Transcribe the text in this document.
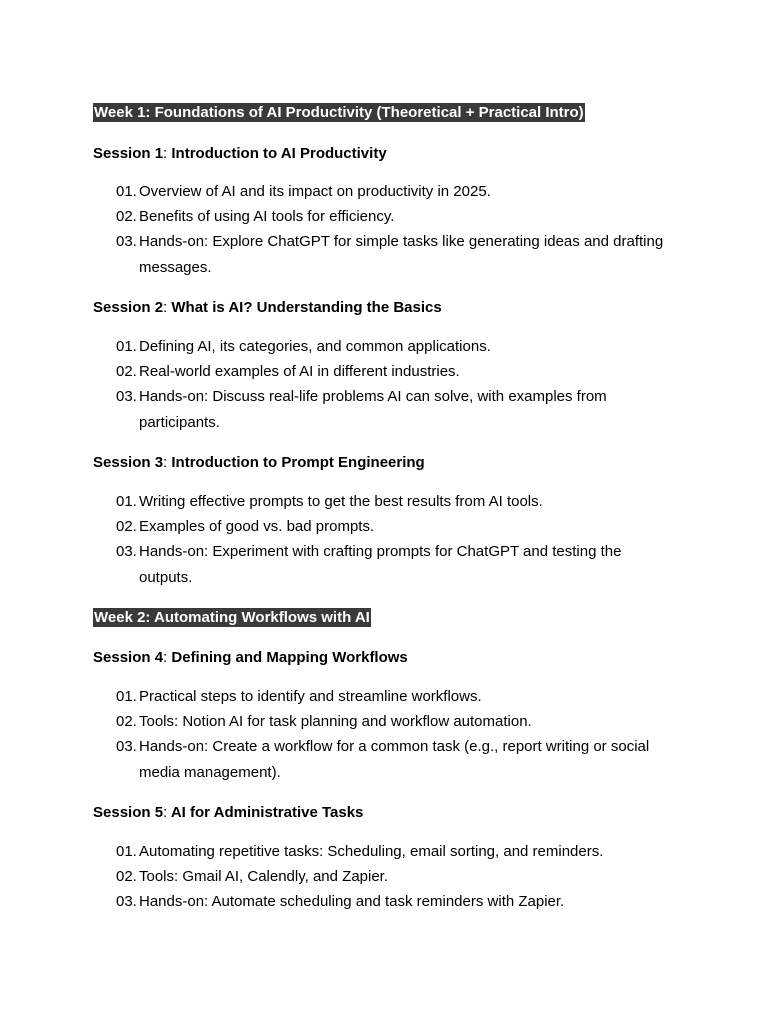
Week 1: Foundations of AI Productivity (Theoretical + Practical Intro)
Session 1: Introduction to AI Productivity
01. Overview of AI and its impact on productivity in 2025.
02. Benefits of using AI tools for efficiency.
03. Hands-on: Explore ChatGPT for simple tasks like generating ideas and drafting messages.
Session 2: What is AI? Understanding the Basics
01. Defining AI, its categories, and common applications.
02. Real-world examples of AI in different industries.
03. Hands-on: Discuss real-life problems AI can solve, with examples from participants.
Session 3: Introduction to Prompt Engineering
01. Writing effective prompts to get the best results from AI tools.
02. Examples of good vs. bad prompts.
03. Hands-on: Experiment with crafting prompts for ChatGPT and testing the outputs.
Week 2: Automating Workflows with AI
Session 4: Defining and Mapping Workflows
01. Practical steps to identify and streamline workflows.
02. Tools: Notion AI for task planning and workflow automation.
03. Hands-on: Create a workflow for a common task (e.g., report writing or social media management).
Session 5: AI for Administrative Tasks
01. Automating repetitive tasks: Scheduling, email sorting, and reminders.
02. Tools: Gmail AI, Calendly, and Zapier.
03. Hands-on: Automate scheduling and task reminders with Zapier.
